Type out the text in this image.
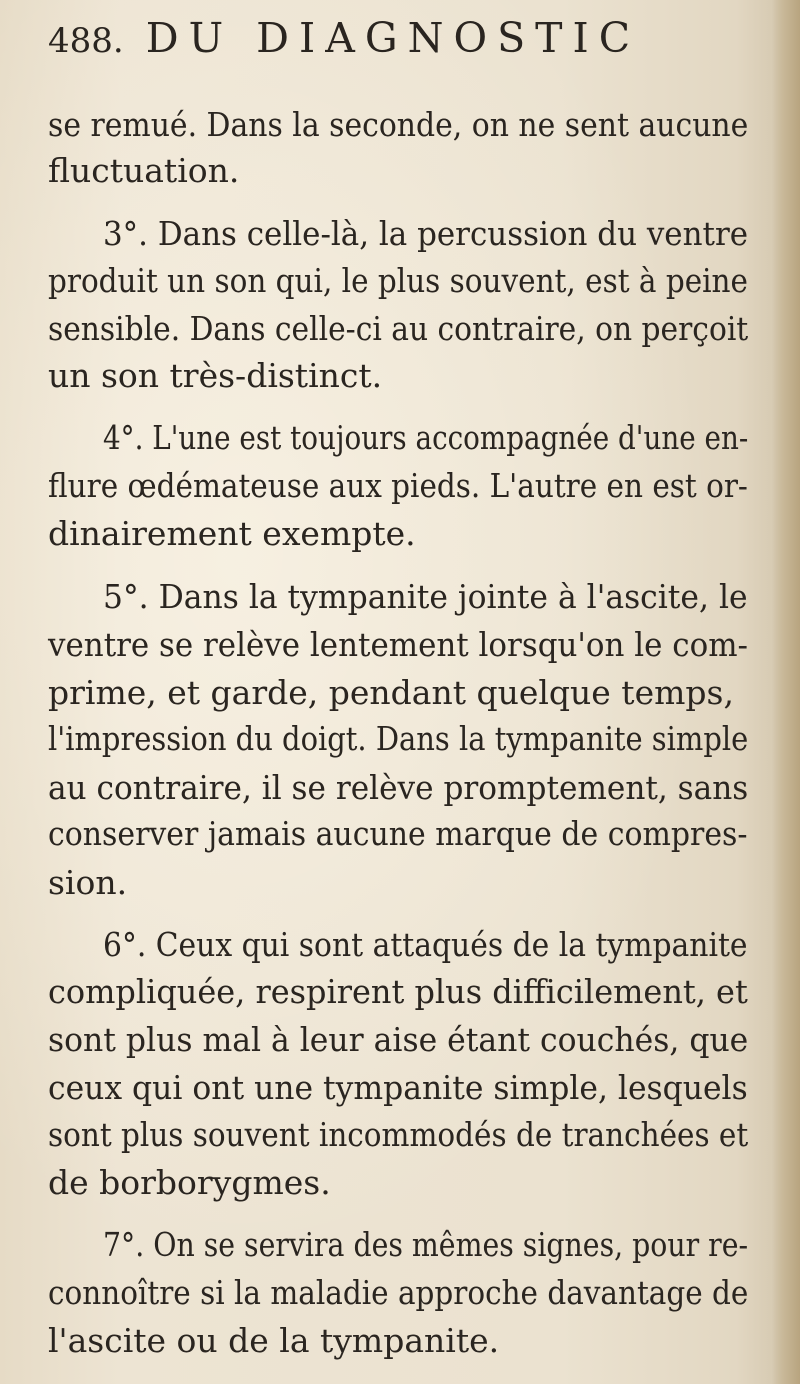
488. DU DIAGNOSTIC
se remué. Dans la seconde, on ne sent aucune
fluctuation.
3°. Dans celle-là, la percussion du ventre
produit un son qui, le plus souvent, est à peine
sensible. Dans celle-ci au contraire, on perçoit
un son très-distinct.
4°. L'une est toujours accompagnée d'une en-
flure œdémateuse aux pieds. L'autre en est or-
dinairement exempte.
5°. Dans la tympanite jointe à l'ascite, le
ventre se relève lentement lorsqu'on le com-
prime, et garde, pendant quelque temps,
l'impression du doigt. Dans la tympanite simple
au contraire, il se relève promptement, sans
conserver jamais aucune marque de compres-
sion.
6°. Ceux qui sont attaqués de la tympanite
compliquée, respirent plus difficilement, et
sont plus mal à leur aise étant couchés, que
ceux qui ont une tympanite simple, lesquels
sont plus souvent incommodés de tranchées et
de borborygmes.
7°. On se servira des mêmes signes, pour re-
connoître si la maladie approche davantage de
l'ascite ou de la tympanite.
